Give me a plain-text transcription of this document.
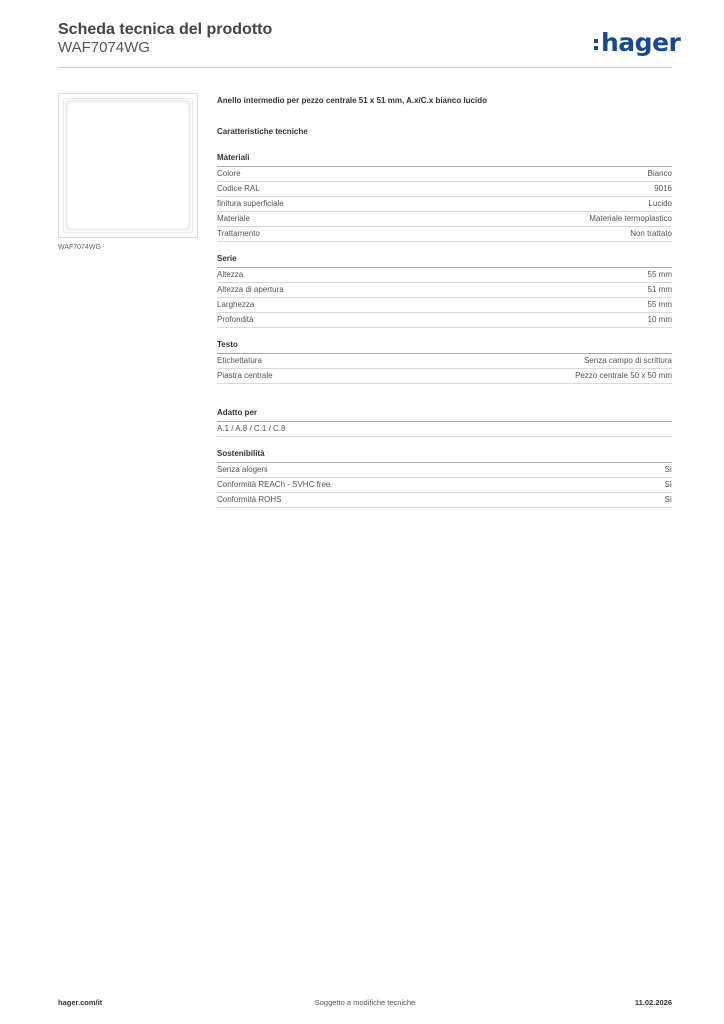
Scheda tecnica del prodotto
WAF7074WG	hager
WAF7074WG
Anello intermedio per pezzo centrale 51 x 51 mm, A.x/C.x bianco lucido
Caratteristiche tecniche
Materiali
Colore	Bianco
Codice RAL	9016
finitura superficiale	Lucido
Materiale	Materiale termoplastico
Trattamento	Non trattato
Serie
Altezza	55 mm
Altezza di apertura	51 mm
Larghezza	55 mm
Profondità	10 mm
Testo
Etichettatura	Senza campo di scrittura
Piastra centrale	Pezzo centrale 50 x 50 mm
Adatto per
A.1 / A.8 / C.1 / C.8
Sostenibilità
Senza alogeni	Sì
Conformità REACh - SVHC free	Sì
Conformità ROHS	Sì
hager.com/it	Soggetto a modifiche tecniche	11.02.2026
